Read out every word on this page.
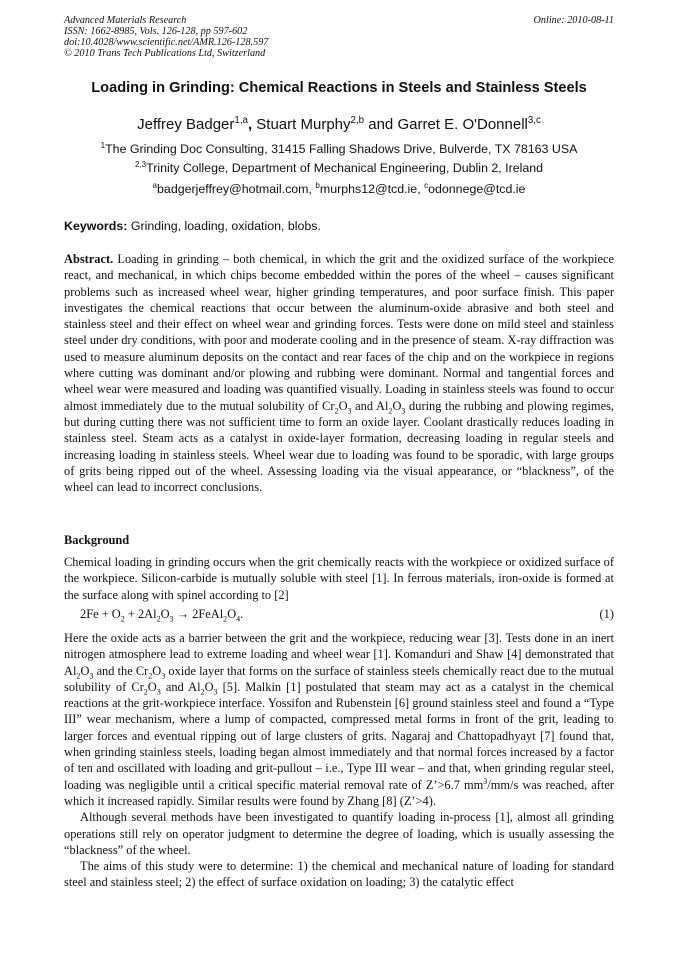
Advanced Materials Research
ISSN: 1662-8985, Vols. 126-128, pp 597-602
doi:10.4028/www.scientific.net/AMR.126-128.597
© 2010 Trans Tech Publications Ltd, Switzerland
Online: 2010-08-11
Loading in Grinding: Chemical Reactions in Steels and Stainless Steels
Jeffrey Badger$^{1,a}$, Stuart Murphy$^{2,b}$ and Garret E. O'Donnell$^{3,c}$
$^1$The Grinding Doc Consulting, 31415 Falling Shadows Drive, Bulverde, TX 78163 USA
$^{2,3}$Trinity College, Department of Mechanical Engineering, Dublin 2, Ireland
$^a$badgerjeffrey@hotmail.com, $^b$murphs12@tcd.ie, $^c$odonnege@tcd.ie
Keywords: Grinding, loading, oxidation, blobs.

Abstract. Loading in grinding – both chemical, in which the grit and the oxidized surface of the workpiece react, and mechanical, in which chips become embedded within the pores of the wheel – causes significant problems such as increased wheel wear, higher grinding temperatures, and poor surface finish. This paper investigates the chemical reactions that occur between the aluminum-oxide abrasive and both steel and stainless steel and their effect on wheel wear and grinding forces. Tests were done on mild steel and stainless steel under dry conditions, with poor and moderate cooling and in the presence of steam. X-ray diffraction was used to measure aluminum deposits on the contact and rear faces of the chip and on the workpiece in regions where cutting was dominant and/or plowing and rubbing were dominant. Normal and tangential forces and wheel wear were measured and loading was quantified visually. Loading in stainless steels was found to occur almost immediately due to the mutual solubility of $Cr_2O_3$ and $Al_2O_3$ during the rubbing and plowing regimes, but during cutting there was not sufficient time to form an oxide layer. Coolant drastically reduces loading in stainless steel. Steam acts as a catalyst in oxide-layer formation, decreasing loading in regular steels and increasing loading in stainless steels. Wheel wear due to loading was found to be sporadic, with large groups of grits being ripped out of the wheel. Assessing loading via the visual appearance, or “blackness”, of the wheel can lead to incorrect conclusions.

Background

Chemical loading in grinding occurs when the grit chemically reacts with the workpiece or oxidized surface of the workpiece. Silicon-carbide is mutually soluble with steel [1]. In ferrous materials, iron-oxide is formed at the surface along with spinel according to [2]

$2Fe + O_2 + 2Al_2O_3$ → $2FeAl_2O_4$.	(1)

Here the oxide acts as a barrier between the grit and the workpiece, reducing wear [3]. Tests done in an inert nitrogen atmosphere lead to extreme loading and wheel wear [1]. Komanduri and Shaw [4] demonstrated that $Al_2O_3$ and the $Cr_2O_3$ oxide layer that forms on the surface of stainless steels chemically react due to the mutual solubility of $Cr_2O_3$ and $Al_2O_3$ [5]. Malkin [1] postulated that steam may act as a catalyst in the chemical reactions at the grit-workpiece interface. Yossifon and Rubenstein [6] ground stainless steel and found a “Type III” wear mechanism, where a lump of compacted, compressed metal forms in front of the grit, leading to larger forces and eventual ripping out of large clusters of grits. Nagaraj and Chattopadhyayt [7] found that, when grinding stainless steels, loading began almost immediately and that normal forces increased by a factor of ten and oscillated with loading and grit-pullout – i.e., Type III wear – and that, when grinding regular steel, loading was negligible until a critical specific material removal rate of Z’>6.7 $mm^3/mm/s$ was reached, after which it increased rapidly. Similar results were found by Zhang [8] (Z’>4).

Although several methods have been investigated to quantify loading in-process [1], almost all grinding operations still rely on operator judgment to determine the degree of loading, which is usually assessing the “blackness” of the wheel.

The aims of this study were to determine: 1) the chemical and mechanical nature of loading for standard steel and stainless steel; 2) the effect of surface oxidation on loading; 3) the catalytic effect
